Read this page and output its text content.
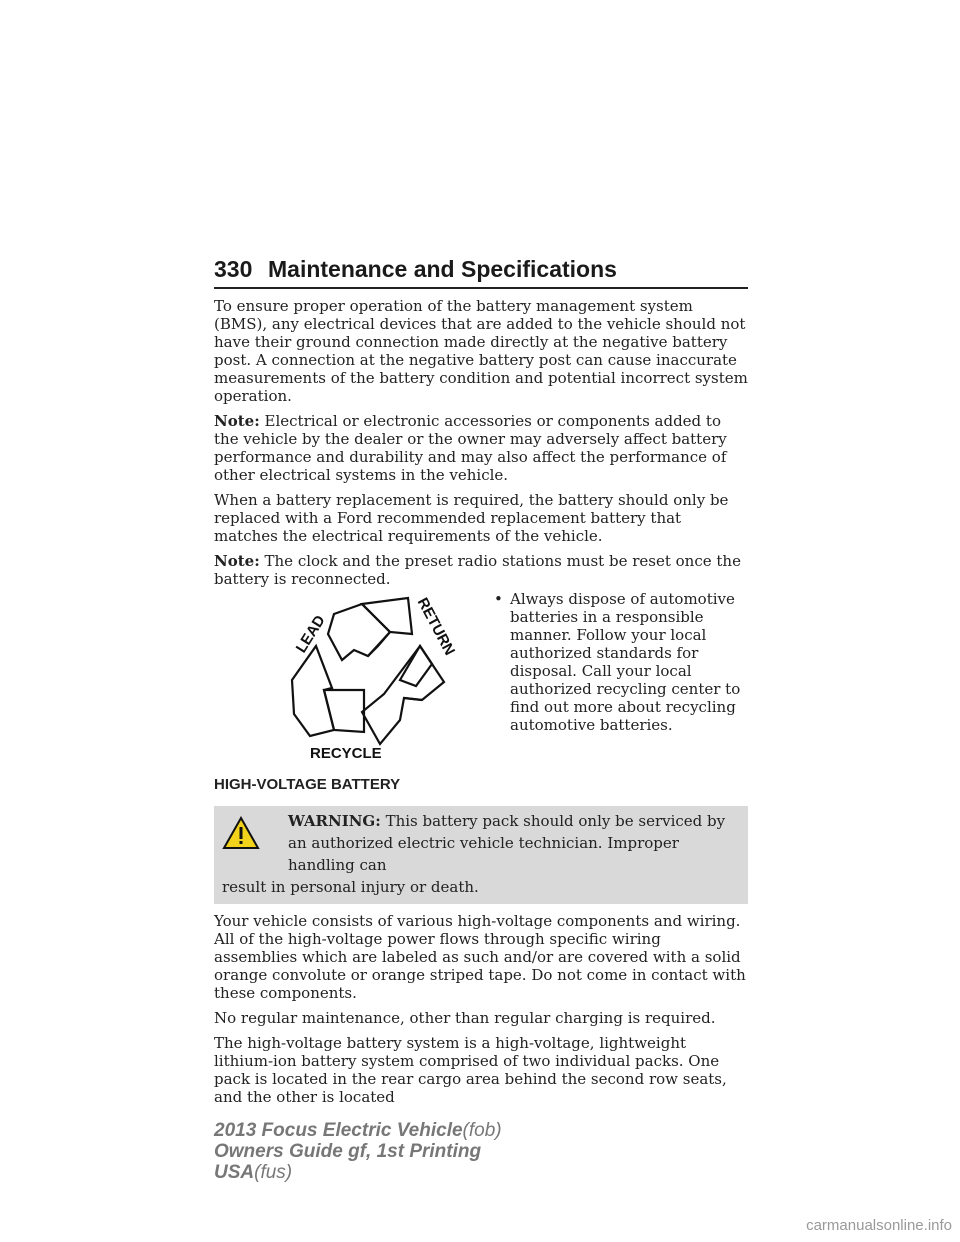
330 Maintenance and Specifications

To ensure proper operation of the battery management system (BMS), any electrical devices that are added to the vehicle should not have their ground connection made directly at the negative battery post. A connection at the negative battery post can cause inaccurate measurements of the battery condition and potential incorrect system operation.

Note: Electrical or electronic accessories or components added to the vehicle by the dealer or the owner may adversely affect battery performance and durability and may also affect the performance of other electrical systems in the vehicle.

When a battery replacement is required, the battery should only be replaced with a Ford recommended replacement battery that matches the electrical requirements of the vehicle.

Note: The clock and the preset radio stations must be reset once the battery is reconnected.

LEAD	RETURN
RECYCLE
• Always dispose of automotive batteries in a responsible manner. Follow your local authorized standards for disposal. Call your local authorized recycling center to find out more about recycling automotive batteries.
HIGH-VOLTAGE BATTERY
WARNING: This battery pack should only be serviced by an authorized electric vehicle technician. Improper handling can
result in personal injury or death.

Your vehicle consists of various high-voltage components and wiring. All of the high-voltage power flows through specific wiring assemblies which are labeled as such and/or are covered with a solid orange convolute or orange striped tape. Do not come in contact with these components.

No regular maintenance, other than regular charging is required.

The high-voltage battery system is a high-voltage, lightweight lithium-ion battery system comprised of two individual packs. One pack is located in the rear cargo area behind the second row seats, and the other is located

2013 Focus Electric Vehicle(fob)
Owners Guide gf, 1st Printing
USA(fus)
carmanualsonline.info
